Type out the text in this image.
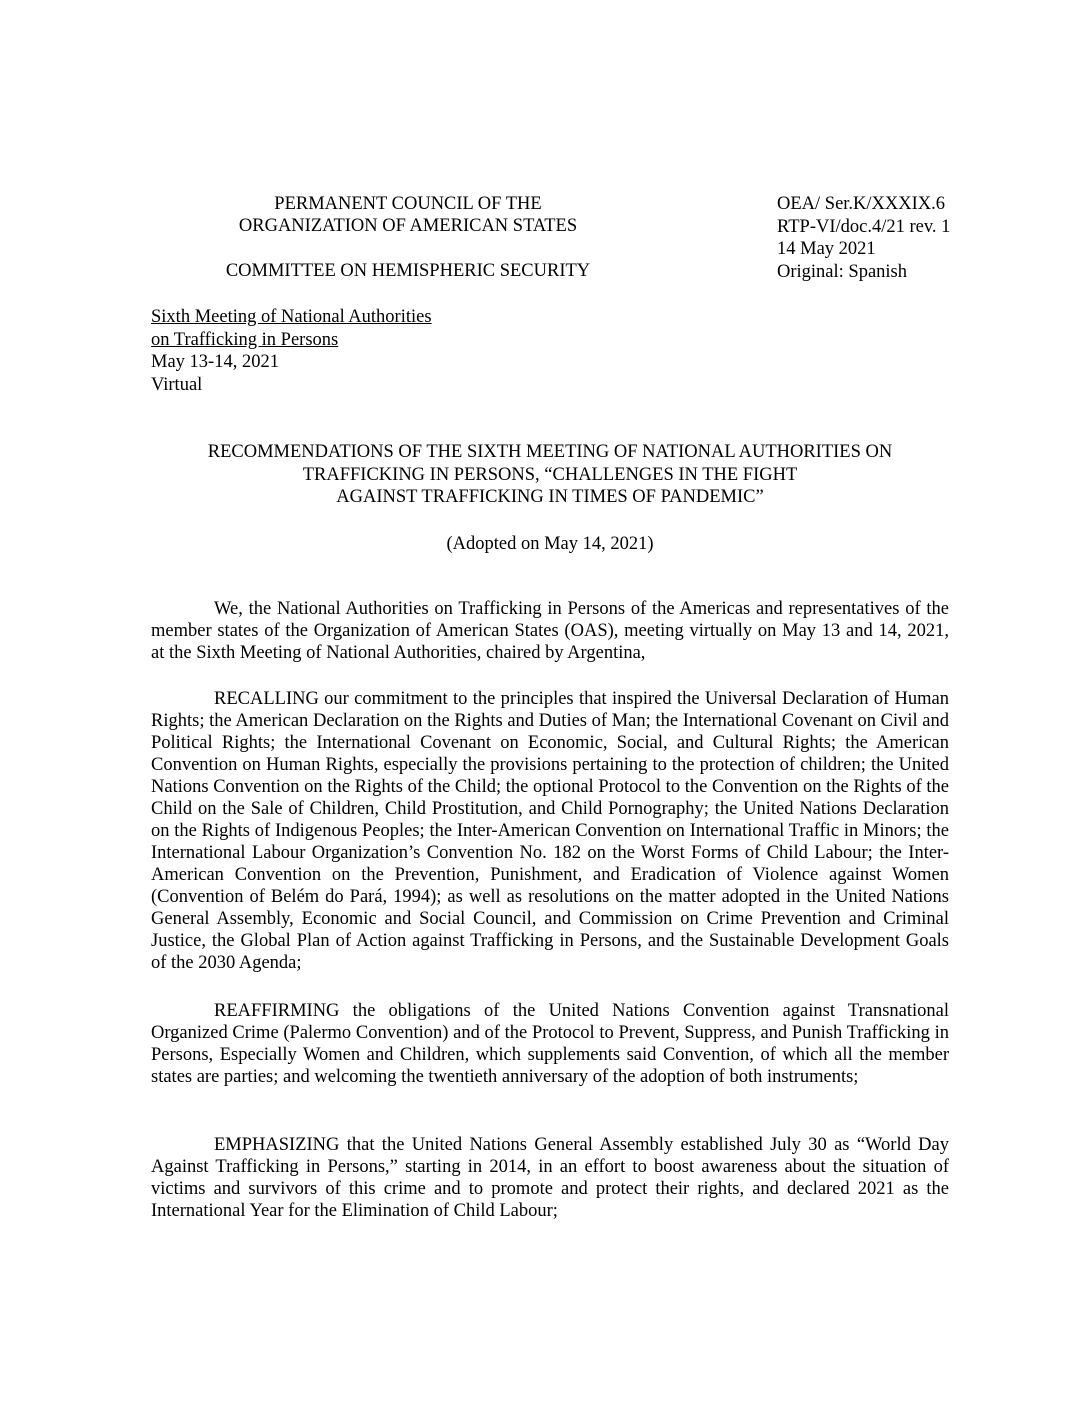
PERMANENT COUNCIL OF THE
ORGANIZATION OF AMERICAN STATES
COMMITTEE ON HEMISPHERIC SECURITY
OEA/ Ser.K/XXXIX.6
RTP-VI/doc.4/21 rev. 1
14 May 2021
Original: Spanish
Sixth Meeting of National Authorities
on Trafficking in Persons
May 13-14, 2021
Virtual
RECOMMENDATIONS OF THE SIXTH MEETING OF NATIONAL AUTHORITIES ON
TRAFFICKING IN PERSONS, “CHALLENGES IN THE FIGHT
AGAINST TRAFFICKING IN TIMES OF PANDEMIC”
(Adopted on May 14, 2021)

We, the National Authorities on Trafficking in Persons of the Americas and representatives of the member states of the Organization of American States (OAS), meeting virtually on May 13 and 14, 2021, at the Sixth Meeting of National Authorities, chaired by Argentina,

RECALLING our commitment to the principles that inspired the Universal Declaration of Human Rights; the American Declaration on the Rights and Duties of Man; the International Covenant on Civil and Political Rights; the International Covenant on Economic, Social, and Cultural Rights; the American Convention on Human Rights, especially the provisions pertaining to the protection of children; the United Nations Convention on the Rights of the Child; the optional Protocol to the Convention on the Rights of the Child on the Sale of Children, Child Prostitution, and Child Pornography; the United Nations Declaration on the Rights of Indigenous Peoples; the Inter-American Convention on International Traffic in Minors; the International Labour Organization’s Convention No. 182 on the Worst Forms of Child Labour; the Inter-American Convention on the Prevention, Punishment, and Eradication of Violence against Women (Convention of Belém do Pará, 1994); as well as resolutions on the matter adopted in the United Nations General Assembly, Economic and Social Council, and Commission on Crime Prevention and Criminal Justice, the Global Plan of Action against Trafficking in Persons, and the Sustainable Development Goals of the 2030 Agenda;

REAFFIRMING the obligations of the United Nations Convention against Transnational Organized Crime (Palermo Convention) and of the Protocol to Prevent, Suppress, and Punish Trafficking in Persons, Especially Women and Children, which supplements said Convention, of which all the member states are parties; and welcoming the twentieth anniversary of the adoption of both instruments;

EMPHASIZING that the United Nations General Assembly established July 30 as “World Day Against Trafficking in Persons,” starting in 2014, in an effort to boost awareness about the situation of victims and survivors of this crime and to promote and protect their rights, and declared 2021 as the International Year for the Elimination of Child Labour;
